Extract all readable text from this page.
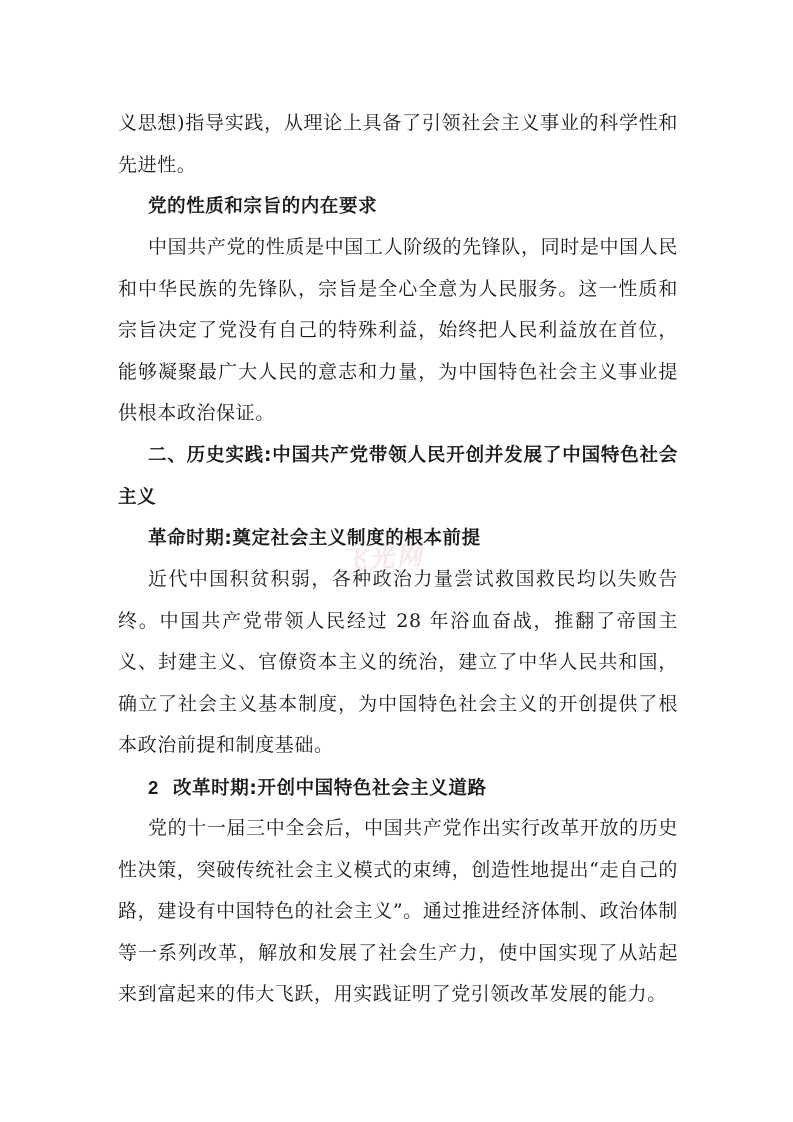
义思想)指导实践，从理论上具备了引领社会主义事业的科学性和先进性。

党的性质和宗旨的内在要求

中国共产党的性质是中国工人阶级的先锋队，同时是中国人民和中华民族的先锋队，宗旨是全心全意为人民服务。这一性质和宗旨决定了党没有自己的特殊利益，始终把人民利益放在首位， 能够凝聚最广大人民的意志和力量，为中国特色社会主义事业提供根本政治保证。

二、历史实践:中国共产党带领人民开创并发展了中国特色社会主义

革命时期:奠定社会主义制度的根本前提

近代中国积贫积弱，各种政治力量尝试救国救民均以失败告终。中国共产党带领人民经过 28 年浴血奋战，推翻了帝国主义、封建主义、官僚资本主义的统治，建立了中华人民共和国，确立了社会主义基本制度，为中国特色社会主义的开创提供了根本政治前提和制度基础。

2 改革时期:开创中国特色社会主义道路

党的十一届三中全会后，中国共产党作出实行改革开放的历史性决策，突破传统社会主义模式的束缚，创造性地提出“走自己的路，建设有中国特色的社会主义”。通过推进经济体制、政治体制等一系列改革，解放和发展了社会生产力，使中国实现了从站起来到富起来的伟大飞跃，用实践证明了党引领改革发展的能力。

飞光网
